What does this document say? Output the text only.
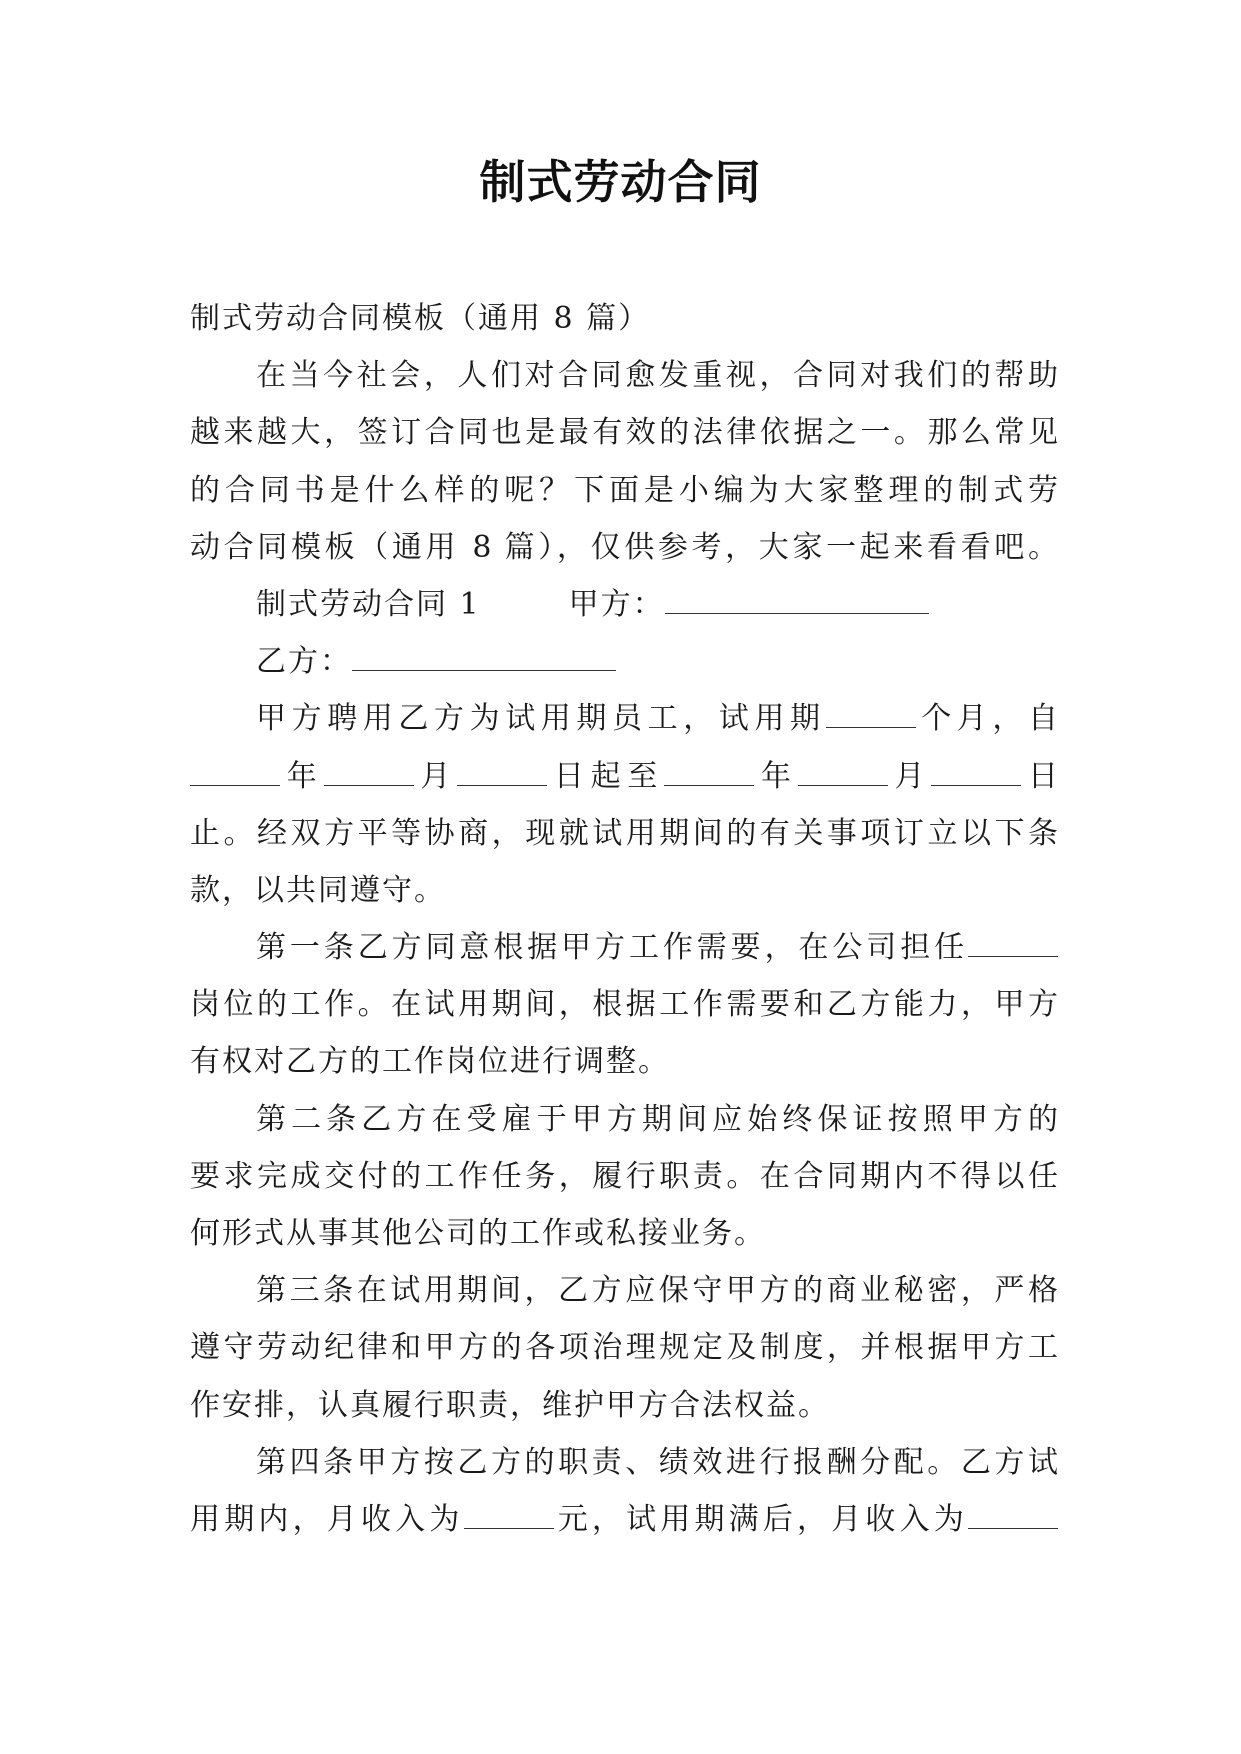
制式劳动合同
制式劳动合同模板（通用 8 篇）
在当今社会，人们对合同愈发重视，合同对我们的帮助
越来越大，签订合同也是最有效的法律依据之一。那么常见
的合同书是什么样的呢？下面是小编为大家整理的制式劳
动合同模板（通用 8 篇），仅供参考，大家一起来看看吧。
制式劳动合同 1	甲方：
乙方：
甲方聘用乙方为试用期员工，试用期	个月，自
年	月	日起至	年	月	日
止。经双方平等协商，现就试用期间的有关事项订立以下条
款，以共同遵守。
第一条乙方同意根据甲方工作需要，在公司担任
岗位的工作。在试用期间，根据工作需要和乙方能力，甲方
有权对乙方的工作岗位进行调整。
第二条乙方在受雇于甲方期间应始终保证按照甲方的
要求完成交付的工作任务，履行职责。在合同期内不得以任
何形式从事其他公司的工作或私接业务。
第三条在试用期间，乙方应保守甲方的商业秘密，严格
遵守劳动纪律和甲方的各项治理规定及制度，并根据甲方工
作安排，认真履行职责，维护甲方合法权益。
第四条甲方按乙方的职责、绩效进行报酬分配。乙方试
用期内，月收入为	元，试用期满后，月收入为
